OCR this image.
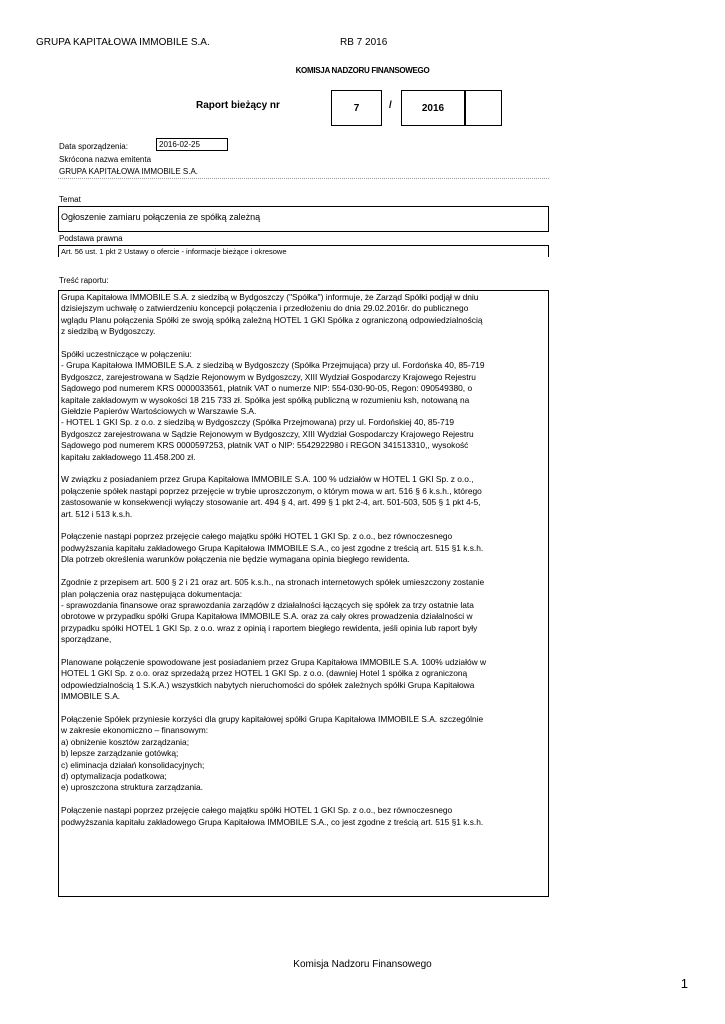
GRUPA KAPITAŁOWA IMMOBILE S.A.	RB 7 2016
KOMISJA NADZORU FINANSOWEGO
Raport bieżący nr	7	/	2016
Data sporządzenia:	2016-02-25
Skrócona nazwa emitenta
GRUPA KAPITAŁOWA IMMOBILE S.A.
Temat
Ogłoszenie zamiaru połączenia ze spółką zależną
Podstawa prawna
Art. 56 ust. 1 pkt 2 Ustawy o ofercie - informacje bieżące i okresowe
Treść raportu:

Grupa Kapitałowa IMMOBILE S.A. z siedzibą w Bydgoszczy ("Spółka") informuje, że Zarząd Spółki podjął w dniu

dzisiejszym uchwałę o zatwierdzeniu koncepcji połączenia i przedłożeniu do dnia 29.02.2016r. do publicznego

wglądu Planu połączenia Spółki ze swoją spółką zależną HOTEL 1 GKI Spółka z ograniczoną odpowiedzialnością

z siedzibą w Bydgoszczy.

Spółki uczestniczące w połączeniu:

- Grupa Kapitałowa IMMOBILE S.A. z siedzibą w Bydgoszczy (Spółka Przejmująca) przy ul. Fordońska 40, 85-719

Bydgoszcz, zarejestrowana w Sądzie Rejonowym w Bydgoszczy, XIII Wydział Gospodarczy Krajowego Rejestru

Sądowego pod numerem KRS 0000033561, płatnik VAT o numerze NIP: 554-030-90-05, Regon: 090549380, o

kapitale zakładowym w wysokości 18 215 733 zł. Spółka jest spółką publiczną w rozumieniu ksh, notowaną na

Giełdzie Papierów Wartościowych w Warszawie S.A.

- HOTEL 1 GKI Sp. z o.o. z siedzibą w Bydgoszczy (Spółka Przejmowana) przy ul. Fordońskiej 40, 85-719

Bydgoszcz zarejestrowana w Sądzie Rejonowym w Bydgoszczy, XIII Wydział Gospodarczy Krajowego Rejestru

Sądowego pod numerem KRS 0000597253, płatnik VAT o NIP: 5542922980 i REGON 341513310,, wysokość

kapitału zakładowego 11.458.200 zł.

W związku z posiadaniem przez Grupa Kapitałowa IMMOBILE S.A. 100 % udziałów w HOTEL 1 GKI Sp. z o.o.,

połączenie spółek nastąpi poprzez przejęcie w trybie uproszczonym, o którym mowa w art. 516 § 6 k.s.h., którego

zastosowanie w konsekwencji wyłączy stosowanie art. 494 § 4, art. 499 § 1 pkt 2-4, art. 501-503, 505 § 1 pkt 4-5,

art. 512 i 513 k.s.h.

Połączenie nastąpi poprzez przejęcie całego majątku spółki HOTEL 1 GKI Sp. z o.o., bez równoczesnego

podwyższania kapitału zakładowego Grupa Kapitałowa IMMOBILE S.A., co jest zgodne z treścią art. 515 §1 k.s.h.

Dla potrzeb określenia warunków połączenia nie będzie wymagana opinia biegłego rewidenta.

Zgodnie z przepisem art. 500 § 2 i 21 oraz art. 505 k.s.h., na stronach internetowych spółek umieszczony zostanie

plan połączenia oraz następująca dokumentacja:

- sprawozdania finansowe oraz sprawozdania zarządów z działalności łączących się spółek za trzy ostatnie lata

obrotowe w przypadku spółki Grupa Kapitałowa IMMOBILE S.A. oraz za cały okres prowadzenia działalności w

przypadku spółki HOTEL 1 GKI Sp. z o.o. wraz z opinią i raportem biegłego rewidenta, jeśli opinia lub raport były

sporządzane,

Planowane połączenie spowodowane jest posiadaniem przez Grupa Kapitałowa IMMOBILE S.A. 100% udziałów w

HOTEL 1 GKI Sp. z o.o. oraz sprzedażą przez HOTEL 1 GKI Sp. z o.o. (dawniej Hotel 1 spółka z ograniczoną

odpowiedzialnością 1 S.K.A.) wszystkich nabytych nieruchomości do spółek zależnych spółki Grupa Kapitałowa

IMMOBILE S.A.

Połączenie Spółek przyniesie korzyści dla grupy kapitałowej spółki Grupa Kapitałowa IMMOBILE S.A. szczególnie

w zakresie ekonomiczno – finansowym:

a) obniżenie kosztów zarządzania;

b) lepsze zarządzanie gotówką;

c) eliminacja działań konsolidacyjnych;

d) optymalizacja podatkowa;

e) uproszczona struktura zarządzania.

Połączenie nastąpi poprzez przejęcie całego majątku spółki HOTEL 1 GKI Sp. z o.o., bez równoczesnego

podwyższania kapitału zakładowego Grupa Kapitałowa IMMOBILE S.A., co jest zgodne z treścią art. 515 §1 k.s.h.

Komisja Nadzoru Finansowego
1
